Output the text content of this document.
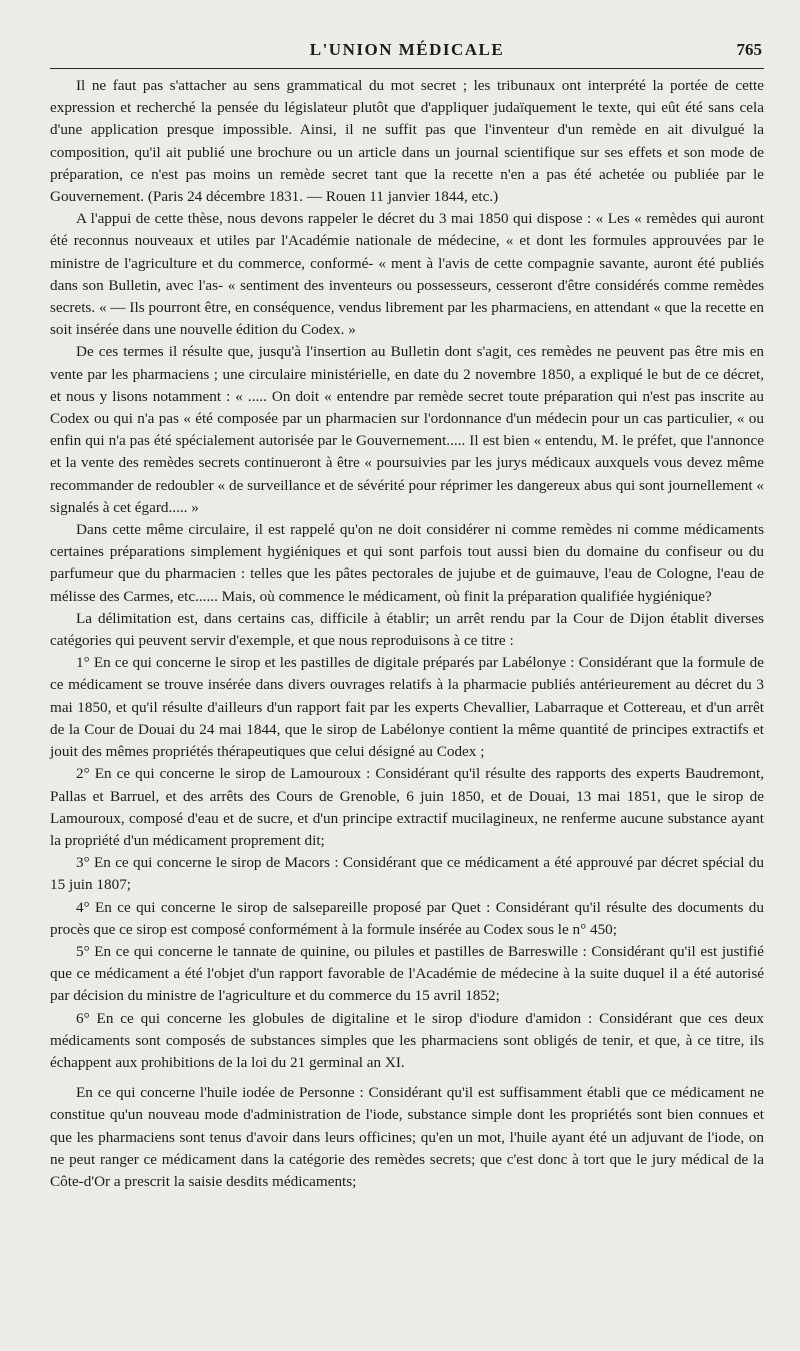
L'UNION MÉDICALE	765

Il ne faut pas s'attacher au sens grammatical du mot secret ; les tribunaux ont interprété la portée de cette expression et recherché la pensée du législateur plutôt que d'appliquer judaïquement le texte, qui eût été sans cela d'une application presque impossible. Ainsi, il ne suffit pas que l'inventeur d'un remède en ait divulgué la composition, qu'il ait publié une brochure ou un article dans un journal scientifique sur ses effets et son mode de préparation, ce n'est pas moins un remède secret tant que la recette n'en a pas été achetée ou publiée par le Gouvernement. (Paris 24 décembre 1831. — Rouen 11 janvier 1844, etc.)

A l'appui de cette thèse, nous devons rappeler le décret du 3 mai 1850 qui dispose : « Les « remèdes qui auront été reconnus nouveaux et utiles par l'Académie nationale de médecine, « et dont les formules approuvées par le ministre de l'agriculture et du commerce, conformé- « ment à l'avis de cette compagnie savante, auront été publiés dans son Bulletin, avec l'as- « sentiment des inventeurs ou possesseurs, cesseront d'être considérés comme remèdes secrets. « — Ils pourront être, en conséquence, vendus librement par les pharmaciens, en attendant « que la recette en soit insérée dans une nouvelle édition du Codex. »

De ces termes il résulte que, jusqu'à l'insertion au Bulletin dont s'agit, ces remèdes ne peuvent pas être mis en vente par les pharmaciens ; une circulaire ministérielle, en date du 2 novembre 1850, a expliqué le but de ce décret, et nous y lisons notamment : « ..... On doit « entendre par remède secret toute préparation qui n'est pas inscrite au Codex ou qui n'a pas « été composée par un pharmacien sur l'ordonnance d'un médecin pour un cas particulier, « ou enfin qui n'a pas été spécialement autorisée par le Gouvernement..... Il est bien « entendu, M. le préfet, que l'annonce et la vente des remèdes secrets continueront à être « poursuivies par les jurys médicaux auxquels vous devez même recommander de redoubler « de surveillance et de sévérité pour réprimer les dangereux abus qui sont journellement « signalés à cet égard..... »

Dans cette même circulaire, il est rappelé qu'on ne doit considérer ni comme remèdes ni comme médicaments certaines préparations simplement hygiéniques et qui sont parfois tout aussi bien du domaine du confiseur ou du parfumeur que du pharmacien : telles que les pâtes pectorales de jujube et de guimauve, l'eau de Cologne, l'eau de mélisse des Carmes, etc...... Mais, où commence le médicament, où finit la préparation qualifiée hygiénique?

La délimitation est, dans certains cas, difficile à établir; un arrêt rendu par la Cour de Dijon établit diverses catégories qui peuvent servir d'exemple, et que nous reproduisons à ce titre :

1° En ce qui concerne le sirop et les pastilles de digitale préparés par Labélonye : Considérant que la formule de ce médicament se trouve insérée dans divers ouvrages relatifs à la pharmacie publiés antérieurement au décret du 3 mai 1850, et qu'il résulte d'ailleurs d'un rapport fait par les experts Chevallier, Labarraque et Cottereau, et d'un arrêt de la Cour de Douai du 24 mai 1844, que le sirop de Labélonye contient la même quantité de principes extractifs et jouit des mêmes propriétés thérapeutiques que celui désigné au Codex ;

2° En ce qui concerne le sirop de Lamouroux : Considérant qu'il résulte des rapports des experts Baudremont, Pallas et Barruel, et des arrêts des Cours de Grenoble, 6 juin 1850, et de Douai, 13 mai 1851, que le sirop de Lamouroux, composé d'eau et de sucre, et d'un principe extractif mucilagineux, ne renferme aucune substance ayant la propriété d'un médicament proprement dit;

3° En ce qui concerne le sirop de Macors : Considérant que ce médicament a été approuvé par décret spécial du 15 juin 1807;

4° En ce qui concerne le sirop de salsepareille proposé par Quet : Considérant qu'il résulte des documents du procès que ce sirop est composé conformément à la formule insérée au Codex sous le n° 450;

5° En ce qui concerne le tannate de quinine, ou pilules et pastilles de Barreswille : Considérant qu'il est justifié que ce médicament a été l'objet d'un rapport favorable de l'Académie de médecine à la suite duquel il a été autorisé par décision du ministre de l'agriculture et du commerce du 15 avril 1852;

6° En ce qui concerne les globules de digitaline et le sirop d'iodure d'amidon : Considérant que ces deux médicaments sont composés de substances simples que les pharmaciens sont obligés de tenir, et que, à ce titre, ils échappent aux prohibitions de la loi du 21 germinal an XI.

En ce qui concerne l'huile iodée de Personne : Considérant qu'il est suffisamment établi que ce médicament ne constitue qu'un nouveau mode d'administration de l'iode, substance simple dont les propriétés sont bien connues et que les pharmaciens sont tenus d'avoir dans leurs officines; qu'en un mot, l'huile ayant été un adjuvant de l'iode, on ne peut ranger ce médicament dans la catégorie des remèdes secrets; que c'est donc à tort que le jury médical de la Côte-d'Or a prescrit la saisie desdits médicaments;
